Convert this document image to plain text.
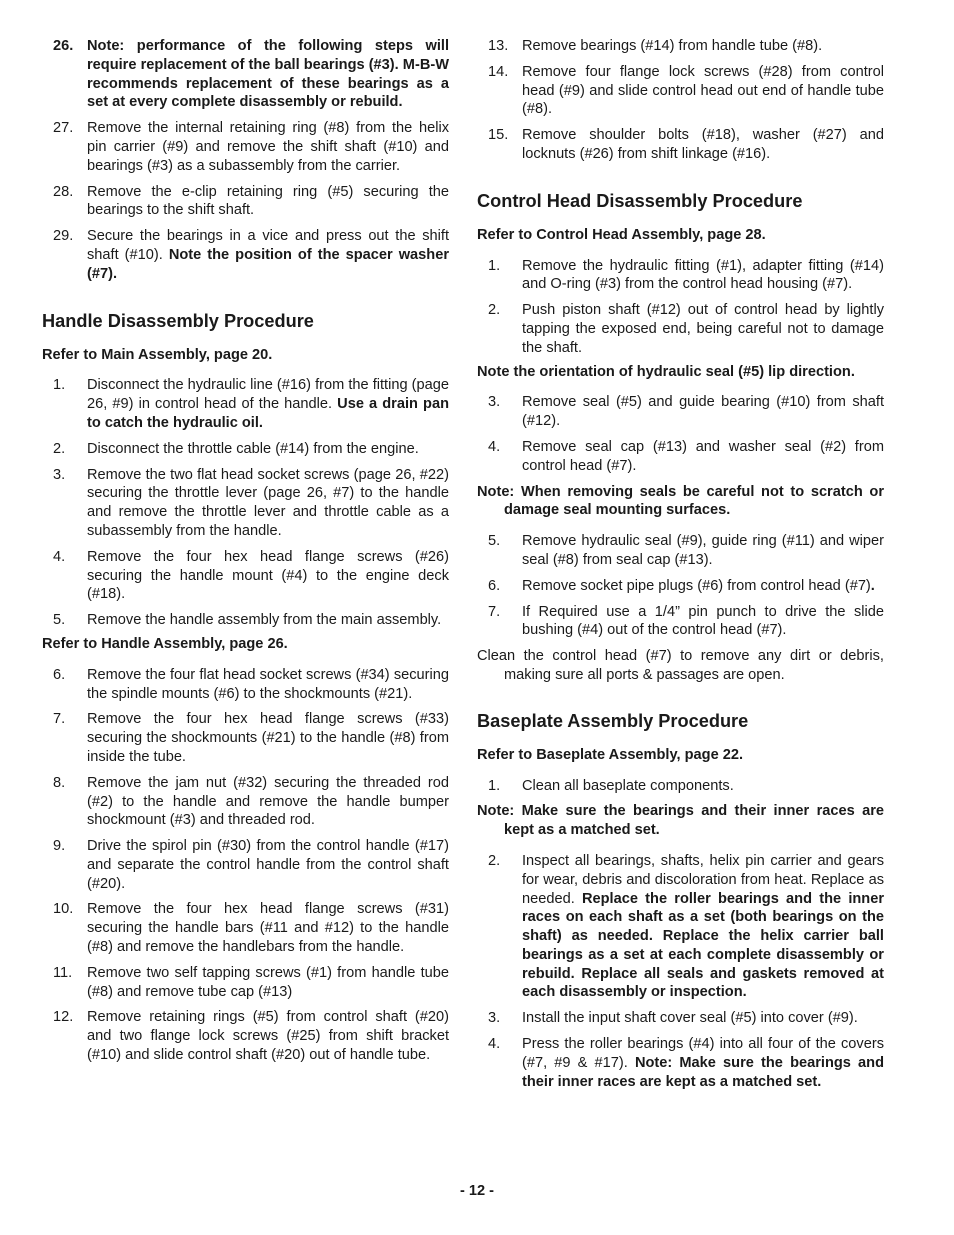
26. Note: performance of the following steps will require replacement of the ball bearings (#3). M-B-W recommends replacement of these bearings as a set at every complete disassembly or rebuild.
27. Remove the internal retaining ring (#8) from the helix pin carrier (#9) and remove the shift shaft (#10) and bearings (#3) as a subassembly from the carrier.
28. Remove the e-clip retaining ring (#5) securing the bearings to the shift shaft.
29. Secure the bearings in a vice and press out the shift shaft (#10). Note the position of the spacer washer (#7).
Handle Disassembly Procedure
Refer to Main Assembly, page 20.
1.	Disconnect the hydraulic line (#16) from the fitting (page 26, #9) in control head of the handle. Use a drain pan to catch the hydraulic oil.
2.	Disconnect the throttle cable (#14) from the engine.
3.	Remove the two flat head socket screws (page 26, #22) securing the throttle lever (page 26, #7) to the handle and remove the throttle lever and throttle cable as a subassembly from the handle.
4.	Remove the four hex head flange screws (#26) securing the handle mount (#4) to the engine deck (#18).
5.	Remove the handle assembly from the main assembly.
Refer to Handle Assembly, page 26.
6.	Remove the four flat head socket screws (#34) securing the spindle mounts (#6) to the shockmounts (#21).
7.	Remove the four hex head flange screws (#33) securing the shockmounts (#21) to the handle (#8) from inside the tube.
8.	Remove the jam nut (#32) securing the threaded rod (#2) to the handle and remove the handle bumper shockmount (#3) and threaded rod.
9.	Drive the spirol pin (#30) from the control handle (#17) and separate the control handle from the control shaft (#20).
10. Remove the four hex head flange screws (#31) securing the handle bars (#11 and #12) to the handle (#8) and remove the handlebars from the handle.
11.	Remove two self tapping screws (#1) from handle tube (#8) and remove tube cap (#13)
12. Remove retaining rings (#5) from control shaft (#20) and two flange lock screws (#25) from shift bracket (#10) and slide control shaft (#20) out of handle tube.
13. Remove bearings (#14) from handle tube (#8).
14. Remove four flange lock screws (#28) from control head (#9) and slide control head out end of handle tube (#8).
15. Remove shoulder bolts (#18), washer (#27) and locknuts (#26) from shift linkage (#16).
Control Head Disassembly Procedure
Refer to Control Head Assembly, page 28.
1.	Remove the hydraulic fitting (#1), adapter fitting (#14) and O-ring (#3) from the control head housing (#7).
2.	Push piston shaft (#12) out of control head by lightly tapping the exposed end, being careful not to damage the shaft.
Note the orientation of hydraulic seal (#5) lip direction.
3.	Remove seal (#5) and guide bearing (#10) from shaft (#12).
4.	Remove seal cap (#13) and washer seal (#2) from control head (#7).
Note: When removing seals be careful not to scratch or damage seal mounting surfaces.
5.	Remove hydraulic seal (#9), guide ring (#11) and wiper seal (#8) from seal cap (#13).
6.	Remove socket pipe plugs (#6) from control head (#7).
7.	If Required use a 1/4” pin punch to drive the slide bushing (#4) out of the control head (#7).
Clean the control head (#7) to remove any dirt or debris, making sure all ports & passages are open.
Baseplate Assembly Procedure
Refer to Baseplate Assembly, page 22.
1.	Clean all baseplate components.
Note: Make sure the bearings and their inner races are kept as a matched set.
2.	Inspect all bearings, shafts, helix pin carrier and gears for wear, debris and discoloration from heat. Replace as needed. Replace the roller bearings and the inner races on each shaft as a set (both bearings on the shaft) as needed. Replace the helix carrier ball bearings as a set at each complete disassembly or rebuild. Replace all seals and gaskets removed at each disassembly or inspection.
3.	Install the input shaft cover seal (#5) into cover (#9).
4.	Press the roller bearings (#4) into all four of the covers (#7, #9 & #17). Note: Make sure the bearings and their inner races are kept as a matched set.
- 12 -
